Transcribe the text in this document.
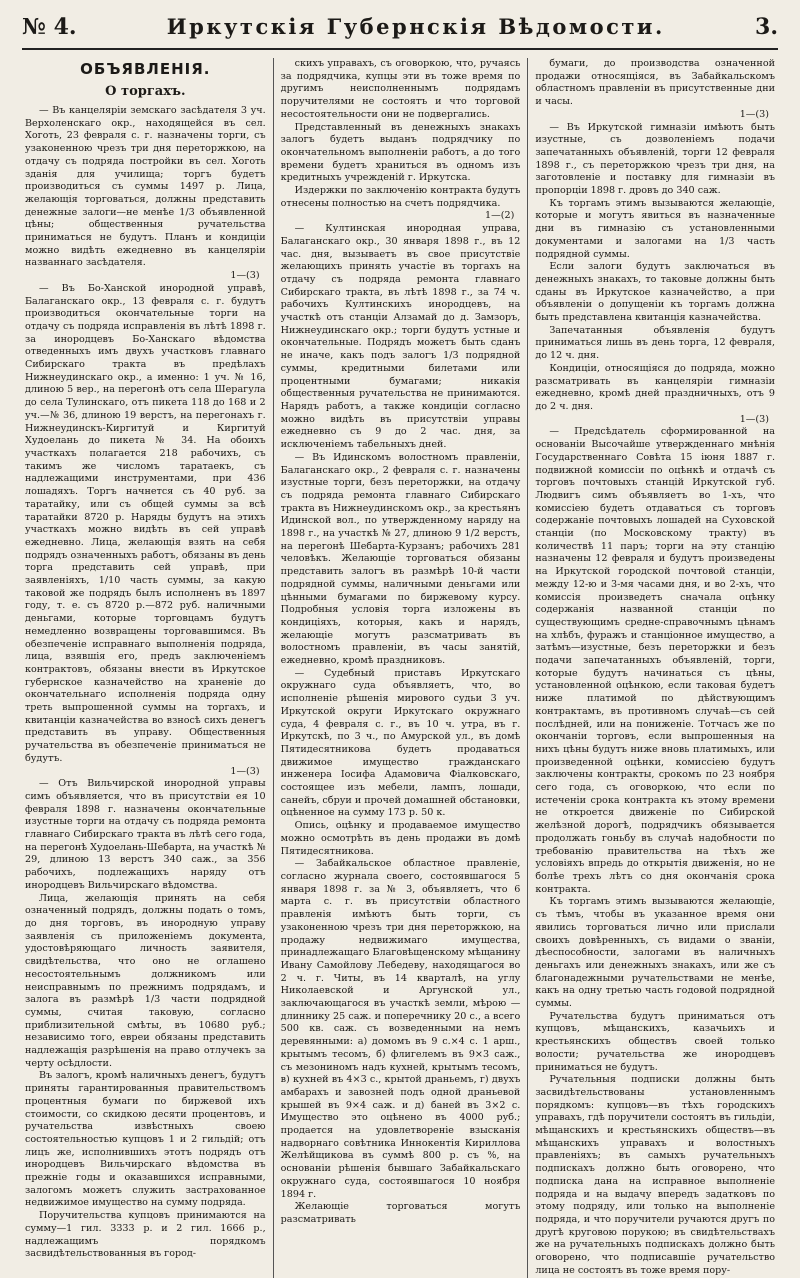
№ 4.	Иркутскія Губернскія Вѣдомости.	3.
ОБЪЯВЛЕНІЯ.
О торгахъ.

— Въ канцеляріи земскаго засѣдателя 3 уч. Верхоленскаго окр., находящейся въ сел. Хоготь, 23 февраля с. г. назначены торги, съ узаконенною чрезъ три дня переторжкою, на отдачу съ подряда постройки въ сел. Хоготь зданія для училища; торгъ будетъ производиться съ суммы 1497 р. Лица, желающія торговаться, должны представить денежные залоги—не менѣе 1/3 объявленной цѣны; общественныя ручательства приниматься не будутъ. Планъ и кондиціи можно видѣть ежедневно въ канцеляріи названнаго засѣдателя.

1—(3)

— Въ Бо-Ханской инородной управѣ, Балаганскаго окр., 13 февраля с. г. будутъ производиться окончательные торги на отдачу съ подряда исправленія въ лѣтѣ 1898 г. за инородцевъ Бо-Ханскаго вѣдомства отведенныхъ имъ двухъ участковъ главнаго Сибирскаго тракта въ предѣлахъ Нижнеудинскаго окр., а именно: 1 уч. № 16, длиною 5 вер., на перегонѣ отъ села Шерагула до села Тулинскаго, отъ пикета 118 до 168 и 2 уч.—№ 36, длиною 19 верстъ, на перегонахъ г. Нижнеудинскъ-Киргитуй и Киргитуй Худоелань до пикета № 34. На обоихъ участкахъ полагается 218 рабочихъ, съ такимъ же числомъ таратаекъ, съ надлежащими инструментами, при 436 лошадяхъ. Торгъ начнется съ 40 руб. за таратайку, или съ общей суммы за всѣ таратайки 8720 р. Наряды будутъ на этихъ участкахъ можно видѣть въ сей управѣ ежедневно. Лица, желающія взять на себя подрядъ означенныхъ работъ, обязаны въ день торга представить сей управѣ, при заявленіяхъ, 1/10 часть суммы, за какую таковой же подрядъ былъ исполненъ въ 1897 году, т. е. съ 8720 р.—872 руб. наличными деньгами, которые торговцамъ будутъ немедленно возвращены торговавшимся. Въ обезпеченіе исправнаго выполненія подряда, лица, взявшія его, предъ заключеніемъ контрактовъ, обязаны внести въ Иркутское губернское казначейство на храненіе до окончательнаго исполненія подряда одну треть выпрошенной суммы на торгахъ, и квитанціи казначейства во взносѣ сихъ денегъ представить въ управу. Общественныя ручательства въ обезпеченіе приниматься не будутъ.

1—(3)

— Отъ Вильчирской инородной управы симъ объявляется, что въ присутствіи ея 10 февраля 1898 г. назначены окончательные изустные торги на отдачу съ подряда ремонта главнаго Сибирскаго тракта въ лѣтѣ сего года, на перегонѣ Худоелань-Шебарта, на участкѣ № 29, длиною 13 верстъ 340 саж., за 356 рабочихъ, подлежащихъ наряду отъ инородцевъ Вильчирскаго вѣдомства.

Лица, желающія принять на себя означенный подрядъ, должны подать о томъ, до дня торговъ, въ инородную управу заявленія съ приложеніемъ документа, удостовѣряющаго личность заявителя, свидѣтельства, что оно не оглашено несостоятельнымъ должникомъ или неисправнымъ по прежнимъ подрядамъ, и залога въ размѣрѣ 1/3 части подрядной суммы, считая таковую, согласно приблизительной смѣты, въ 10680 руб.; независимо того, евреи обязаны представить надлежащія разрѣшенія на право отлучекъ за черту осѣдлости.

Въ залогъ, кромѣ наличныхъ денегъ, будутъ приняты гарантированныя правительствомъ процентныя бумаги по биржевой ихъ стоимости, со скидкою десяти процентовъ, и ручательства извѣстныхъ своею состоятельностью купцовъ 1 и 2 гильдій; отъ лицъ же, исполнившихъ этотъ подрядъ отъ инородцевъ Вильчирскаго вѣдомства въ прежніе годы и оказавшихся исправными, залогомъ можетъ служить застрахованное недвижимое имущество на сумму подряда.

Поручительства купцовъ принимаются на сумму—1 гил. 3333 р. и 2 гил. 1666 р., надлежащимъ порядкомъ засвидѣтельствованныя въ город-

скихъ управахъ, съ оговоркою, что, ручаясь за подрядчика, купцы эти въ тоже время по другимъ неисполненнымъ подрядамъ поручителями не состоятъ и что торговой несостоятельности они не подвергались.

Представленный въ денежныхъ знакахъ залогъ будетъ выданъ подрядчику по окончательномъ выполненіи работъ, а до того времени будетъ храниться въ одномъ изъ кредитныхъ учрежденій г. Иркутска.

Издержки по заключенію контракта будутъ отнесены полностью на счетъ подрядчика.

1—(2)

— Култинская инородная управа, Балаганскаго окр., 30 января 1898 г., въ 12 час. дня, вызываетъ въ свое присутствіе желающихъ принять участіе въ торгахъ на отдачу съ подряда ремонта главнаго Сибирскаго тракта, въ лѣтѣ 1898 г., за 74 ч. рабочихъ Култинскихъ инородцевъ, на участкѣ отъ станціи Алзамай до д. Замзоръ, Нижнеудинскаго окр.; торги будутъ устные и окончательные. Подрядъ можетъ быть сданъ не иначе, какъ подъ залогъ 1/3 подрядной суммы, кредитными билетами или процентными бумагами; никакія общественныя ручательства не принимаются. Нарядъ работъ, а также кондиціи согласно можно видѣть въ присутствіи управы ежедневно съ 9 до 2 час. дня, за исключеніемъ табельныхъ дней.

— Въ Идинскомъ волостномъ правленіи, Балаганскаго окр., 2 февраля с. г. назначены изустные торги, безъ переторжки, на отдачу съ подряда ремонта главнаго Сибирскаго тракта въ Нижнеудинскомъ окр., за крестьянъ Идинской вол., по утвержденному наряду на 1898 г., на участкѣ № 27, длиною 9 1/2 верстъ, на перегонѣ Шебарта-Курзанъ; рабочихъ 281 человѣкъ. Желающіе торговаться обязаны представить залогъ въ размѣрѣ 10-й части подрядной суммы, наличными деньгами или цѣнными бумагами по биржевому курсу. Подробныя условія торга изложены въ кондиціяхъ, которыя, какъ и нарядъ, желающіе могутъ разсматривать въ волостномъ правленіи, въ часы занятій, ежедневно, кромѣ праздниковъ.

— Судебный приставъ Иркутскаго окружнаго суда объявляетъ, что, во исполненіе рѣшенія мирового судьи 3 уч. Иркутской округи Иркутскаго окружнаго суда, 4 февраля с. г., въ 10 ч. утра, въ г. Иркутскѣ, по 3 ч., по Амурской ул., въ домѣ Пятидесятникова будетъ продаваться движимое имущество гражданскаго инженера Іосифа Адамовича Фіалковскаго, состоящее изъ мебели, лампъ, лошади, санейъ, сбруи и прочей домашней обстановки, оцѣненное на сумму 173 р. 50 к.

Опись, оцѣнку и продаваемое имущество можно осмотрѣть въ день продажи въ домѣ Пятидесятникова.

— Забайкальское областное правленіе, согласно журнала своего, состоявшагося 5 января 1898 г. за № 3, объявляетъ, что 6 марта с. г. въ присутствіи областного правленія имѣютъ быть торги, съ узаконенною чрезъ три дня переторжкою, на продажу недвижимаго имущества, принадлежащаго Благовѣщенскому мѣщанину Ивану Самойлову Лебедеву, находящагося во 2 ч. г. Читы, въ 14 кварталѣ, на углу Николаевской и Аргунской ул., заключающагося въ участкѣ земли, мѣрою — длиннику 25 саж. и поперечнику 20 с., а всего 500 кв. саж. съ возведенными на немъ деревянными: а) домомъ въ 9 с.×4 с. 1 арш., крытымъ тесомъ, б) флигелемъ въ 9×3 саж., съ мезониномъ надъ кухней, крытымъ тесомъ, в) кухней въ 4×3 с., крытой драньемъ, г) двухъ амбарахъ и завозней подъ одной драньевой крышей въ 9×4 саж. и д) баней въ 3×2 с. Имущество это оцѣнено въ 4000 руб.; продается на удовлетвореніе взысканія надворнаго совѣтника Иннокентія Кириллова Желѣйщикова въ суммѣ 800 р. съ %, на основаніи рѣшенія бывшаго Забайкальскаго окружнаго суда, состоявшагося 10 ноября 1894 г.

Желающіе торговаться могутъ разсматривать

бумаги, до производства означенной продажи относящіяся, въ Забайкальскомъ областномъ правленіи въ присутственные дни и часы.

1—(3)

— Въ Иркутской гимназіи имѣютъ быть изустные, съ дозволеніемъ подачи запечатанныхъ объявленій, торги 12 февраля 1898 г., съ переторжкою чрезъ три дня, на заготовленіе и поставку для гимназіи въ пропорціи 1898 г. дровъ до 340 саж.

Къ торгамъ этимъ вызываются желающіе, которые и могутъ явиться въ назначенные дни въ гимназію съ установленными документами и залогами на 1/3 часть подрядной суммы.

Если залоги будутъ заключаться въ денежныхъ знакахъ, то таковые должны быть сданы въ Иркутское казначейство, а при объявленіи о допущеніи къ торгамъ должна быть представлена квитанція казначейства.

Запечатанныя объявленія будутъ приниматься лишь въ день торга, 12 февраля, до 12 ч. дня.

Кондиціи, относящіяся до подряда, можно разсматривать въ канцеляріи гимназіи ежедневно, кромѣ дней праздничныхъ, отъ 9 до 2 ч. дня.

1—(3)

— Предсѣдатель сформированной на основаніи Высочайше утвержденнаго мнѣнія Государственнаго Совѣта 15 іюня 1887 г. подвижной комиссіи по оцѣнкѣ и отдачѣ съ торговъ почтовыхъ станцій Иркутской губ. Людвигъ симъ объявляетъ во 1-хъ, что комиссіею будетъ отдаваться съ торговъ содержаніе почтовыхъ лошадей на Суховской станціи (по Московскому тракту) въ количествѣ 11 паръ; торги на эту станцію назначены 12 февраля и будутъ произведены на Иркутской городской почтовой станціи, между 12-ю и 3-мя часами дня, и во 2-хъ, что комиссія произведетъ сначала оцѣнку содержанія названной станціи по существующимъ средне-справочнымъ цѣнамъ на хлѣбъ, фуражъ и станціонное имущество, а затѣмъ—изустные, безъ переторжки и безъ подачи запечатанныхъ объявленій, торги, которые будутъ начинаться съ цѣны, установленной оцѣнкою, если таковая будетъ ниже платимой по дѣйствующимъ контрактамъ, въ противномъ случаѣ—съ сей послѣдней, или на пониженіе. Тотчасъ же по окончаніи торговъ, если выпрошенныя на нихъ цѣны будутъ ниже вновь платимыхъ, или произведенной оцѣнки, комиссіею будутъ заключены контракты, срокомъ по 23 ноября сего года, съ оговоркою, что если по истеченіи срока контракта къ этому времени не откроется движеніе по Сибирской желѣзной дорогѣ, подрядчикъ обязывается продолжать гоньбу въ случаѣ надобности по требованію правительства на тѣхъ же условіяхъ впредь до открытія движенія, но не болѣе трехъ лѣтъ со дня окончанія срока контракта.

Къ торгамъ этимъ вызываются желающіе, съ тѣмъ, чтобы въ указанное время они явились торговаться лично или прислали своихъ довѣренныхъ, съ видами о званіи, дѣеспособности, залогами въ наличныхъ деньгахъ или денежныхъ знакахъ, или же съ благонадежными ручательствами не менѣе, какъ на одну третью часть годовой подрядной суммы.

Ручательства будутъ приниматься отъ купцовъ, мѣщанскихъ, казачьихъ и крестьянскихъ обществъ своей только волости; ручательства же инородцевъ приниматься не будутъ.

Ручательныя подписки должны быть засвидѣтельствованы установленнымъ порядкомъ: купцовъ—въ тѣхъ городскихъ управахъ, гдѣ поручители состоятъ въ гильдіи, мѣщанскихъ и крестьянскихъ обществъ—въ мѣщанскихъ управахъ и волостныхъ правленіяхъ; въ самыхъ ручательныхъ подпискахъ должно быть оговорено, что подписка дана на исправное выполненіе подряда и на выдачу впередъ задатковъ по этому подряду, или только на выполненіе подряда, и что поручители ручаются другъ по другѣ круговою порукою; въ свидѣтельствахъ же на ручательныхъ подпискахъ должно быть оговорено, что подписавшіе ручательство лица не состоятъ въ тоже время пору-
